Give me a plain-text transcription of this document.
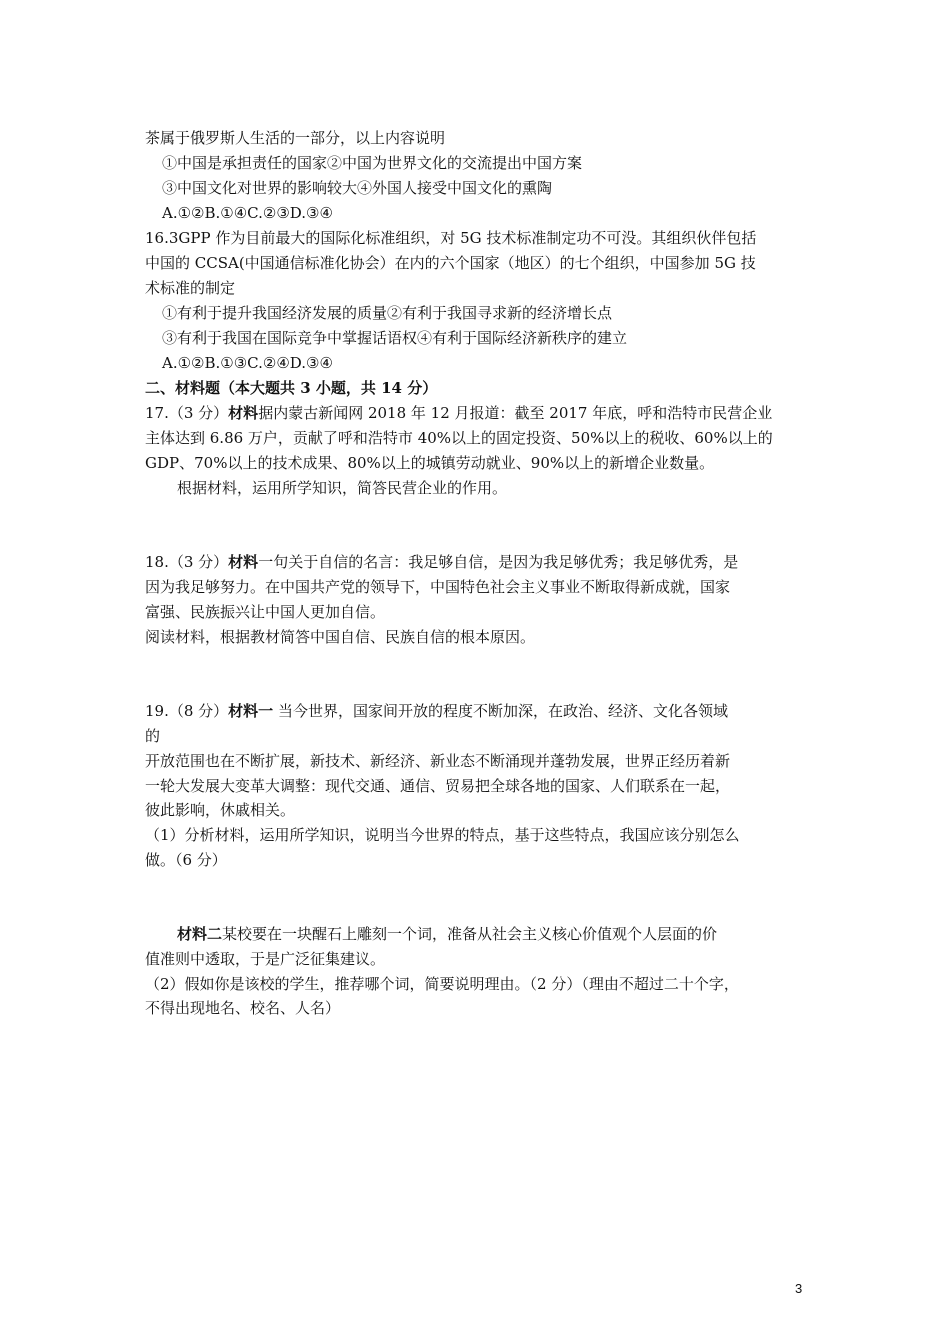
茶属于俄罗斯人生活的一部分，以上内容说明
①中国是承担责任的国家②中国为世界文化的交流提出中国方案
③中国文化对世界的影响较大④外国人接受中国文化的熏陶
A.①②B.①④C.②③D.③④
16.3GPP 作为目前最大的国际化标准组织，对 5G 技术标准制定功不可没。其组织伙伴包括
中国的 CCSA(中国通信标准化协会）在内的六个国家（地区）的七个组织，中国参加 5G 技
术标准的制定
①有利于提升我国经济发展的质量②有利于我国寻求新的经济增长点
③有利于我国在国际竞争中掌握话语权④有利于国际经济新秩序的建立
A.①②B.①③C.②④D.③④
二、材料题（本大题共 3 小题，共 14 分）
17.（3 分）材料据内蒙古新闻网 2018 年 12 月报道：截至 2017 年底，呼和浩特市民营企业
主体达到 6.86 万户，贡献了呼和浩特市 40%以上的固定投资、50%以上的税收、60%以上的
GDP、70%以上的技术成果、80%以上的城镇劳动就业、90%以上的新增企业数量。
根据材料，运用所学知识，简答民营企业的作用。
18.（3 分）材料一句关于自信的名言：我足够自信，是因为我足够优秀；我足够优秀，是
因为我足够努力。在中国共产党的领导下，中国特色社会主义事业不断取得新成就，国家
富强、民族振兴让中国人更加自信。
阅读材料，根据教材简答中国自信、民族自信的根本原因。
19.（8 分）材料一 当今世界，国家间开放的程度不断加深，在政治、经济、文化各领域
的
开放范围也在不断扩展，新技术、新经济、新业态不断涌现并蓬勃发展，世界正经历着新
一轮大发展大变革大调整：现代交通、通信、贸易把全球各地的国家、人们联系在一起，
彼此影响，休戚相关。
（1）分析材料，运用所学知识，说明当今世界的特点，基于这些特点，我国应该分别怎么
做。（6 分）
材料二某校要在一块醒石上雕刻一个词，准备从社会主义核心价值观个人层面的价
值准则中透取，于是广泛征集建议。
（2）假如你是该校的学生，推荐哪个词，简要说明理由。（2 分）（理由不超过二十个字，
不得出现地名、校名、人名）
3
